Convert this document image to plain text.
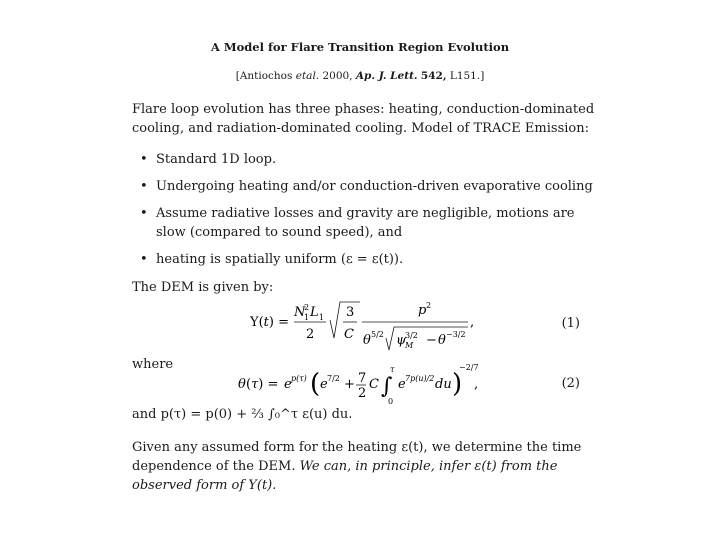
A Model for Flare Transition Region Evolution
[Antiochos etal. 2000, Ap. J. Lett. 542, L151.]
Flare loop evolution has three phases: heating, conduction-dominated cooling, and radiation-dominated cooling. Model of TRACE Emission:
• Standard 1D loop.
• Undergoing heating and/or conduction-driven evaporative cooling
• Assume radiative losses and gravity are negligible, motions are slow (compared to sound speed), and
• heating is spatially uniform (ε = ε(t)).
The DEM is given by:
Υ(t) =
N
2
1 L 1
2
3
C
p 2
θ 5/2 ψ
3/2
M − θ −3/2
,	(1)
where
θ (τ) = e p(τ) ( e 7/2 + 7
2
C ∫
τ
0
e 7p(u)/2 du )
−2/7
,	(2)
and p(τ) = p(0) + ⅔ ∫₀^τ ε(u) du.
Given any assumed form for the heating ε(t), we determine the time dependence of the DEM. We can, in principle, infer ε(t) from the observed form of Υ(t).
